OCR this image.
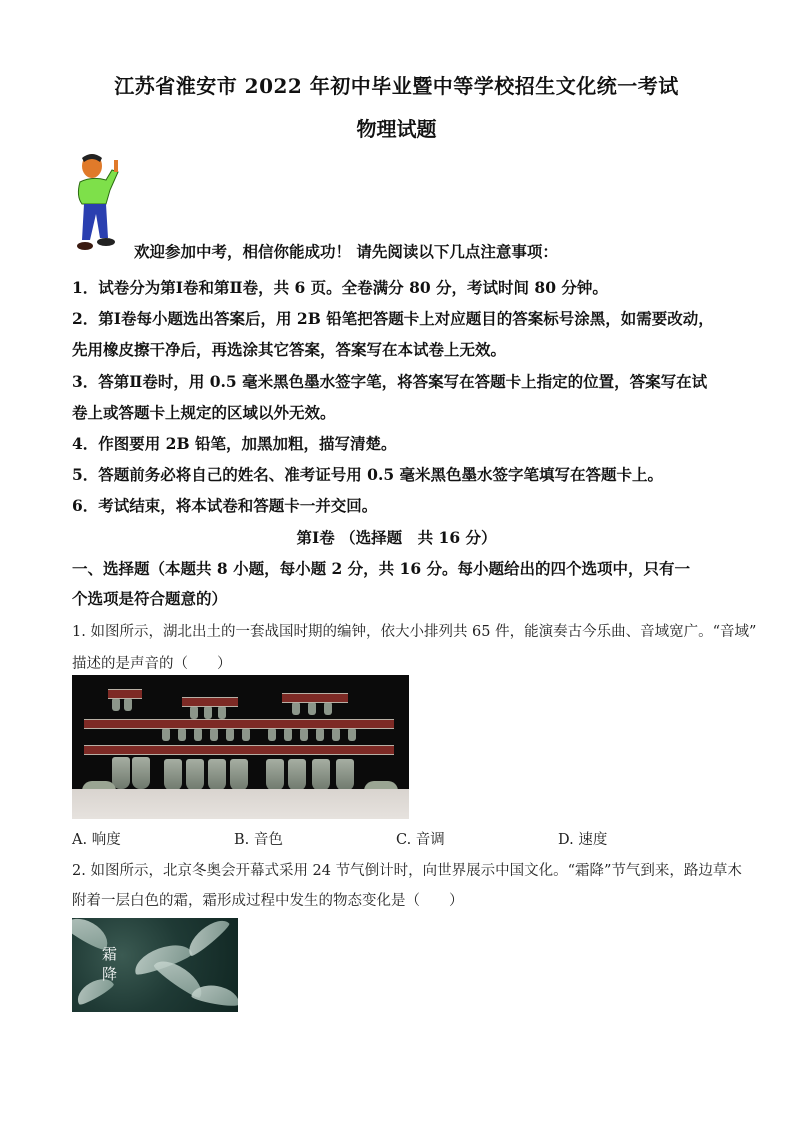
江苏省淮安市 2022 年初中毕业暨中等学校招生文化统一考试
物理试题
欢迎参加中考，相信你能成功！ 请先阅读以下几点注意事项：
1．试卷分为第Ⅰ卷和第Ⅱ卷，共 6 页。全卷满分 80 分，考试时间 80 分钟。
2．第Ⅰ卷每小题选出答案后，用 2B 铅笔把答题卡上对应题目的答案标号涂黑，如需要改动，
先用橡皮擦干净后，再选涂其它答案，答案写在本试卷上无效。
3．答第Ⅱ卷时，用 0.5 毫米黑色墨水签字笔，将答案写在答题卡上指定的位置，答案写在试
卷上或答题卡上规定的区域以外无效。
4．作图要用 2B 铅笔，加黑加粗，描写清楚。
5．答题前务必将自己的姓名、准考证号用 0.5 毫米黑色墨水签字笔填写在答题卡上。
6．考试结束，将本试卷和答题卡一并交回。
第Ⅰ卷 （选择题　共 16 分）
一、选择题（本题共 8 小题，每小题 2 分，共 16 分。每小题给出的四个选项中，只有一
个选项是符合题意的）
1. 如图所示，湖北出土的一套战国时期的编钟，依大小排列共 65 件，能演奏古今乐曲、音域宽广。“音域”
描述的是声音的（　　）
A. 响度	B. 音色	C. 音调	D. 速度
2. 如图所示，北京冬奥会开幕式采用 24 节气倒计时，向世界展示中国文化。“霜降”节气到来，路边草木
附着一层白色的霜，霜形成过程中发生的物态变化是（　　）
霜
降
